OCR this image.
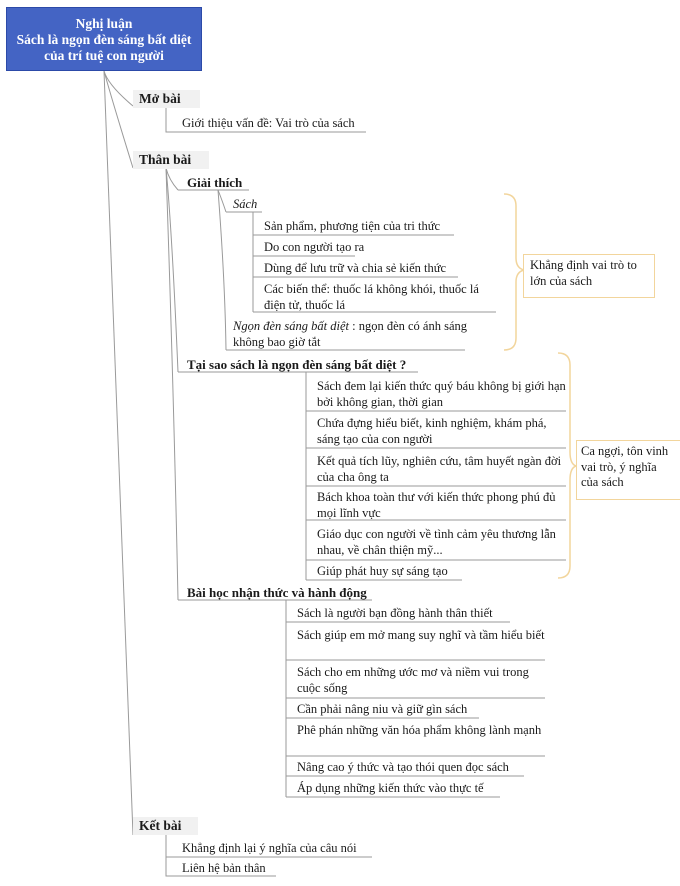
Nghị luận
Sách là ngọn đèn sáng bất diệt
của trí tuệ con người
Mở bài
Giới thiệu vấn đề: Vai trò của sách
Thân bài
Giải thích
Sách
Sản phẩm, phương tiện của tri thức
Do con người tạo ra
Dùng để lưu trữ và chia sẻ kiến thức
Các biến thể: thuốc lá không khói, thuốc lá điện tử, thuốc lá
Ngọn đèn sáng bất diệt : ngọn đèn có ánh sáng không bao giờ tắt
Tại sao sách là ngọn đèn sáng bất diệt ?
Sách đem lại kiến thức quý báu không bị giới hạn bởi không gian, thời gian
Chứa đựng hiểu biết, kinh nghiệm, khám phá, sáng tạo của con người
Kết quả tích lũy, nghiên cứu, tâm huyết ngàn đời của cha ông ta
Bách khoa toàn thư với kiến thức phong phú đủ mọi lĩnh vực
Giáo dục con người về tình cảm yêu thương lẫn nhau, về chân thiện mỹ...
Giúp phát huy sự sáng tạo
Bài học nhận thức và hành động
Sách là người bạn đồng hành thân thiết
Sách giúp em mở mang suy nghĩ và tầm hiểu biết
Sách cho em những ước mơ và niềm vui trong cuộc sống
Cần phải nâng niu và giữ gìn sách
Phê phán những văn hóa phẩm không lành mạnh
Nâng cao ý thức và tạo thói quen đọc sách
Áp dụng những kiến thức vào thực tế
Kết bài
Khẳng định lại ý nghĩa của câu nói
Liên hệ bản thân
Khẳng định vai trò to lớn của sách
Ca ngợi, tôn vinh vai trò, ý nghĩa của sách
